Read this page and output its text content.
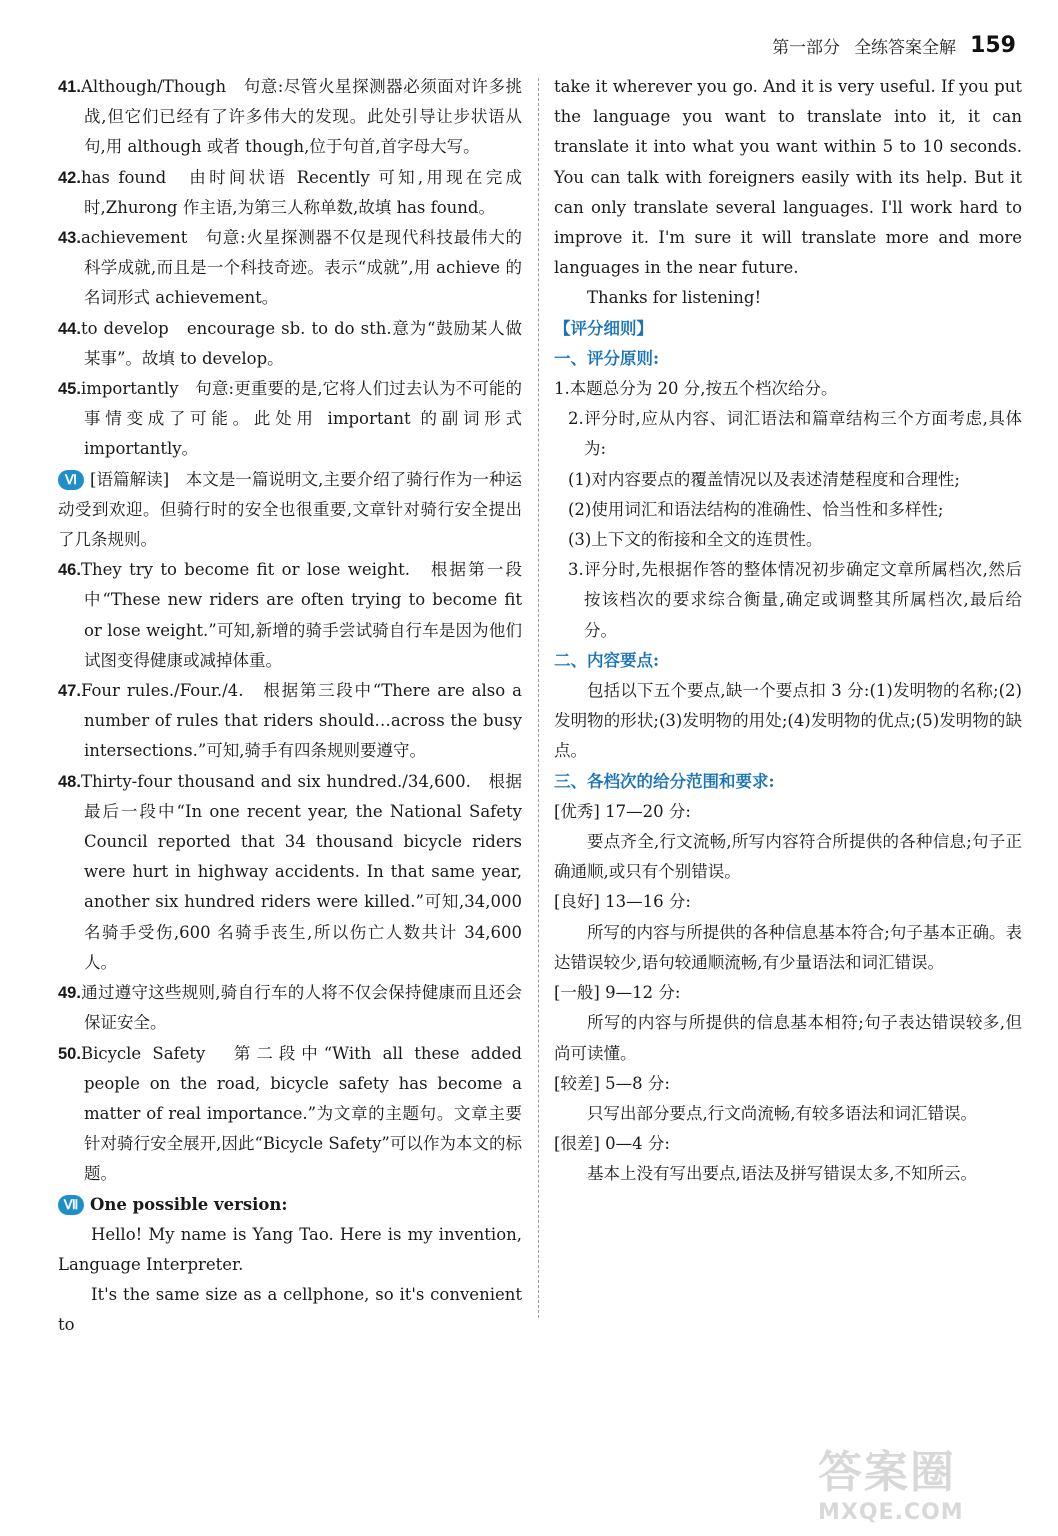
第一部分 全练答案全解 159
41.Although/Though　句意:尽管火星探测器必须面对许多挑战,但它们已经有了许多伟大的发现。此处引导让步状语从句,用 although 或者 though,位于句首,首字母大写。
42.has found　由时间状语 Recently 可知,用现在完成时,Zhurong 作主语,为第三人称单数,故填 has found。
43.achievement　句意:火星探测器不仅是现代科技最伟大的科学成就,而且是一个科技奇迹。表示“成就”,用 achieve 的名词形式 achievement。
44.to develop　encourage sb. to do sth.意为“鼓励某人做某事”。故填 to develop。
45.importantly　句意:更重要的是,它将人们过去认为不可能的事情变成了可能。此处用 important 的副词形式 importantly。
Ⅵ [语篇解读]　本文是一篇说明文,主要介绍了骑行作为一种运动受到欢迎。但骑行时的安全也很重要,文章针对骑行安全提出了几条规则。
46.They try to become fit or lose weight.　根据第一段中“These new riders are often trying to become fit or lose weight.”可知,新增的骑手尝试骑自行车是因为他们试图变得健康或减掉体重。
47.Four rules./Four./4.　根据第三段中“There are also a number of rules that riders should…across the busy intersections.”可知,骑手有四条规则要遵守。
48.Thirty-four thousand and six hundred./34,600.　根据最后一段中“In one recent year, the National Safety Council reported that 34 thousand bicycle riders were hurt in highway accidents. In that same year, another six hundred riders were killed.”可知,34,000 名骑手受伤,600 名骑手丧生,所以伤亡人数共计 34,600 人。
49.通过遵守这些规则,骑自行车的人将不仅会保持健康而且还会保证安全。
50.Bicycle Safety　第二段中“With all these added people on the road, bicycle safety has become a matter of real importance.”为文章的主题句。文章主要针对骑行安全展开,因此“Bicycle Safety”可以作为本文的标题。
Ⅶ One possible version:
Hello! My name is Yang Tao. Here is my invention, Language Interpreter.
It's the same size as a cellphone, so it's convenient to
take it wherever you go. And it is very useful. If you put the language you want to translate into it, it can translate it into what you want within 5 to 10 seconds. You can talk with foreigners easily with its help. But it can only translate several languages. I'll work hard to improve it. I'm sure it will translate more and more languages in the near future.
Thanks for listening!
【评分细则】
一、评分原则:
1.本题总分为 20 分,按五个档次给分。
2.评分时,应从内容、词汇语法和篇章结构三个方面考虑,具体为:
(1)对内容要点的覆盖情况以及表述清楚程度和合理性;
(2)使用词汇和语法结构的准确性、恰当性和多样性;
(3)上下文的衔接和全文的连贯性。
3.评分时,先根据作答的整体情况初步确定文章所属档次,然后按该档次的要求综合衡量,确定或调整其所属档次,最后给分。
二、内容要点:
包括以下五个要点,缺一个要点扣 3 分:(1)发明物的名称;(2)发明物的形状;(3)发明物的用处;(4)发明物的优点;(5)发明物的缺点。
三、各档次的给分范围和要求:
[优秀] 17—20 分:
要点齐全,行文流畅,所写内容符合所提供的各种信息;句子正确通顺,或只有个别错误。
[良好] 13—16 分:
所写的内容与所提供的各种信息基本符合;句子基本正确。表达错误较少,语句较通顺流畅,有少量语法和词汇错误。
[一般] 9—12 分:
所写的内容与所提供的信息基本相符;句子表达错误较多,但尚可读懂。
[较差] 5—8 分:
只写出部分要点,行文尚流畅,有较多语法和词汇错误。
[很差] 0—4 分:
基本上没有写出要点,语法及拼写错误太多,不知所云。
答案圈
MXQE.COM
